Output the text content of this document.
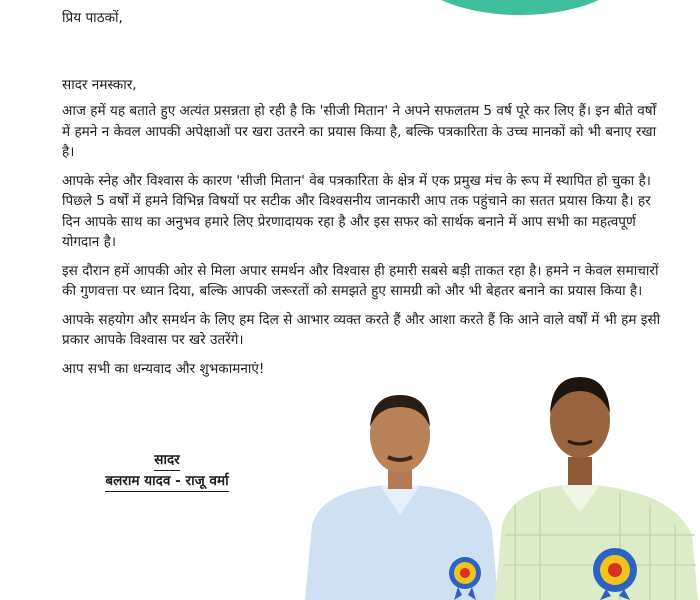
प्रिय पाठकों,

सादर नमस्कार,

आज हमें यह बताते हुए अत्यंत प्रसन्नता हो रही है कि 'सीजी मितान' ने अपने सफलतम 5 वर्ष पूरे कर लिए हैं। इन बीते वर्षों में हमने न केवल आपकी अपेक्षाओं पर खरा उतरने का प्रयास किया है, बल्कि पत्रकारिता के उच्च मानकों को भी बनाए रखा है।

आपके स्नेह और विश्वास के कारण 'सीजी मितान' वेब पत्रकारिता के क्षेत्र में एक प्रमुख मंच के रूप में स्थापित हो चुका है। पिछले 5 वर्षों में हमने विभिन्न विषयों पर सटीक और विश्वसनीय जानकारी आप तक पहुंचाने का सतत प्रयास किया है। हर दिन आपके साथ का अनुभव हमारे लिए प्रेरणादायक रहा है और इस सफर को सार्थक बनाने में आप सभी का महत्वपूर्ण योगदान है।

इस दौरान हमें आपकी ओर से मिला अपार समर्थन और विश्वास ही हमारी सबसे बड़ी ताकत रहा है। हमने न केवल समाचारों की गुणवत्ता पर ध्यान दिया, बल्कि आपकी जरूरतों को समझते हुए सामग्री को और भी बेहतर बनाने का प्रयास किया है।

आपके सहयोग और समर्थन के लिए हम दिल से आभार व्यक्त करते हैं और आशा करते हैं कि आने वाले वर्षों में भी हम इसी प्रकार आपके विश्वास पर खरे उतरेंगे।

आप सभी का धन्यवाद और शुभकामनाएं!

सादर
बलराम यादव - राजू वर्मा
